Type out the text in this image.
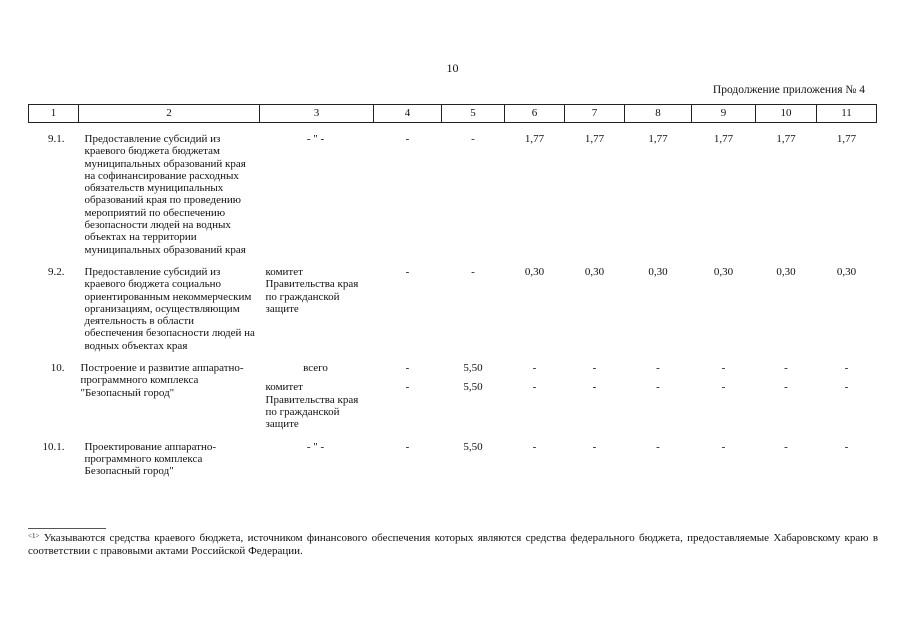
10
Продолжение приложения № 4
1	2	3	4	5	6	7	8	9	10	11

9.1.	Предоставление субсидий из краевого бюджета бюджетам муниципальных образований края на софинансирование расходных обязательств муниципальных образований края по проведению мероприятий по обеспечению безопасности людей на водных объектах на территории муниципальных образований края	- " -	-	-	1,77	1,77	1,77	1,77	1,77	1,77

9.2.	Предоставление субсидий из краевого бюджета социально ориентированным некоммерческим организациям, осуществляющим деятельность в области обеспечения безопасности людей на водных объектах края	комитет Правительства края по гражданской защите	-	-	0,30	0,30	0,30	0,30	0,30	0,30

10.	Построение и развитие аппаратно-программного комплекса "Безопасный город"	всего	-	5,50	-	-	-	-	-	-

		комитет Правительства края по гражданской защите	-	5,50	-	-	-	-	-	-

10.1.	Проектирование аппаратно-программного комплекса Безопасный город"	- " -	-	5,50	-	-	-	-	-	-
$^{<1>}$ Указываются средства краевого бюджета, источником финансового обеспечения которых являются средства федерального бюджета, предоставляемые Хабаровскому краю в соответствии с правовыми актами Российской Федерации.
